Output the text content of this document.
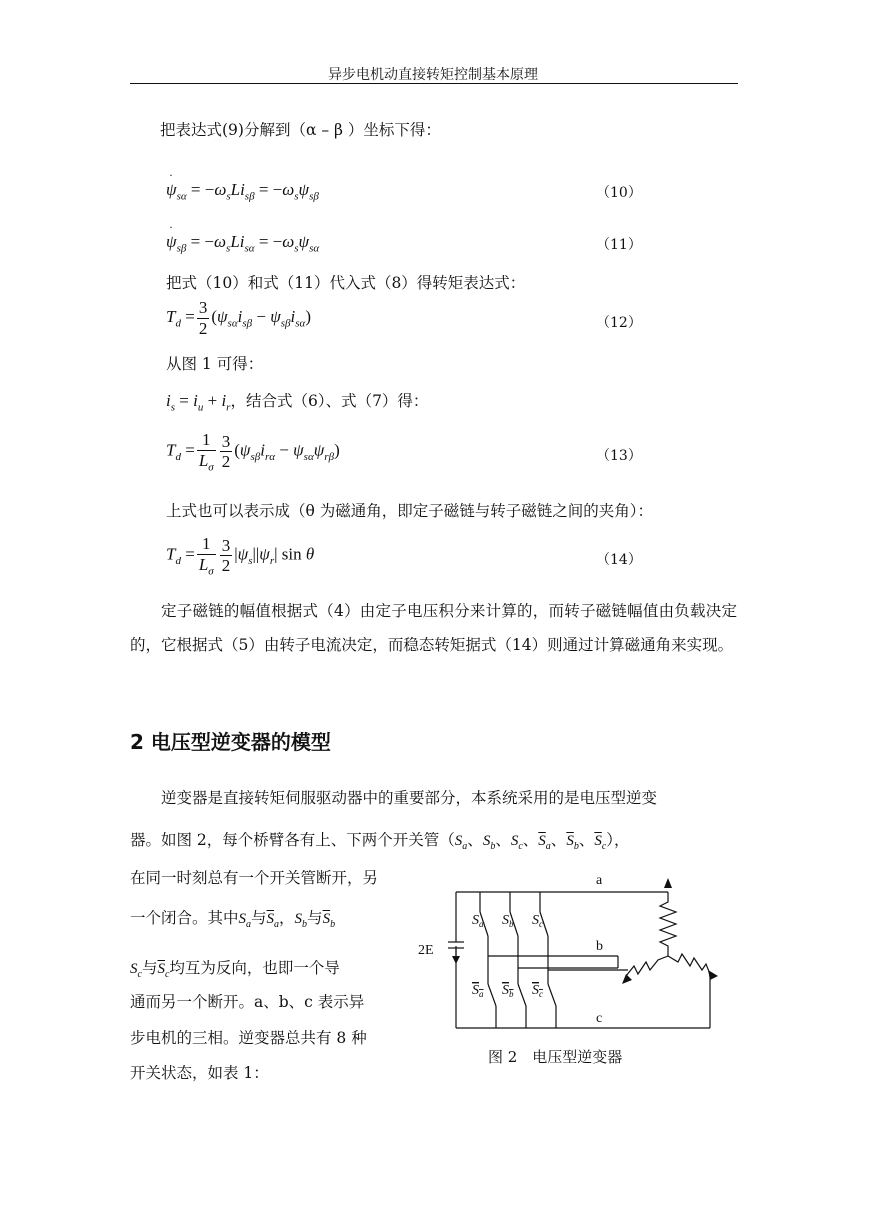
异步电机动直接转矩控制基本原理
把表达式(9)分解到（α – β ）坐标下得：
ψ
·
$_{s\alpha} = -\omega_sLi_{s\beta} = -\omega_s\psi_{s\beta}$	（10）
ψ
·
$_{s\beta} = -\omega_sLi_{s\alpha} = -\omega_s\psi_{s\alpha}$	（11）
把式（10）和式（11）代入式（8）得转矩表达式：
$T_d = \frac{3}{2} (\psi_{s\alpha}i_{s\beta} - \psi_{s\beta}i_{s\alpha})$	（12）
从图 1 可得：
$i_s = i_u + i_r$，结合式（6）、式（7）得：
$T_d = \frac{1}{L_\sigma} \frac{3}{2} (\psi_{s\beta}i_{r\alpha} - \psi_{s\alpha}\psi_{r\beta})$	（13）
上式也可以表示成（θ 为磁通角，即定子磁链与转子磁链之间的夹角）：
$T_d = \frac{1}{L_\sigma} \frac{3}{2} |\psi_s||\psi_r|$ sin θ	（14）
定子磁链的幅值根据式（4）由定子电压积分来计算的，而转子磁链幅值由负载决定的，它根据式（5）由转子电流决定，而稳态转矩据式（14）则通过计算磁通角来实现。
2 电压型逆变器的模型
逆变器是直接转矩伺服驱动器中的重要部分，本系统采用的是电压型逆变
器。如图 2，每个桥臂各有上、下两个开关管（$S_a$、$S_b$、$S_c$、$\overline{S}_a$、$\overline{S}_b$、$\overline{S}_c$），
在同一时刻总有一个开关管断开，另
一个闭合。其中$S_a$与$\overline{S}_a$，$S_b$与$\overline{S}_b$
$S_c$与$\overline{S}_c$均互为反向，也即一个导
通而另一个断开。a、b、c 表示异
步电机的三相。逆变器总共有 8 种
开关状态，如表 1：
2E
a
b
c
$S_a$ $S_b$ $S_c$
$S_a$ $S_b$ $S_c$
图 2　电压型逆变器
